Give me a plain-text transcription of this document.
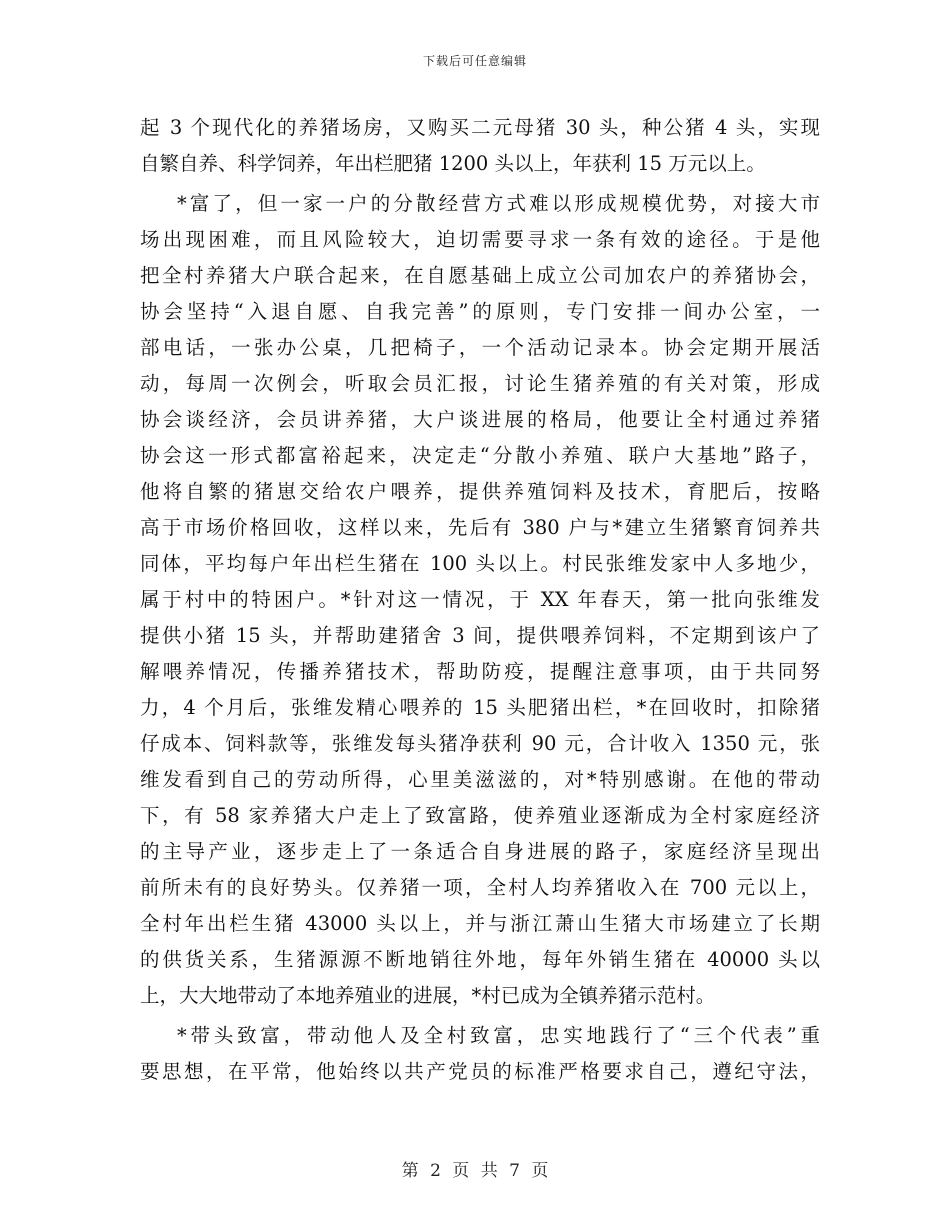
下载后可任意编辑
起 3 个现代化的养猪场房，又购买二元母猪 30 头，种公猪 4 头，实现
自繁自养、科学饲养，年出栏肥猪 1200 头以上，年获利 15 万元以上。
*富了，但一家一户的分散经营方式难以形成规模优势，对接大市
场出现困难，而且风险较大，迫切需要寻求一条有效的途径。于是他
把全村养猪大户联合起来，在自愿基础上成立公司加农户的养猪协会，
协会坚持“入退自愿、自我完善”的原则，专门安排一间办公室，一
部电话，一张办公桌，几把椅子，一个活动记录本。协会定期开展活
动，每周一次例会，听取会员汇报，讨论生猪养殖的有关对策，形成
协会谈经济，会员讲养猪，大户谈进展的格局，他要让全村通过养猪
协会这一形式都富裕起来，决定走“分散小养殖、联户大基地”路子，
他将自繁的猪崽交给农户喂养，提供养殖饲料及技术，育肥后，按略
高于市场价格回收，这样以来，先后有 380 户与*建立生猪繁育饲养共
同体，平均每户年出栏生猪在 100 头以上。村民张维发家中人多地少，
属于村中的特困户。*针对这一情况，于 XX 年春天，第一批向张维发
提供小猪 15 头，并帮助建猪舍 3 间，提供喂养饲料，不定期到该户了
解喂养情况，传播养猪技术，帮助防疫，提醒注意事项，由于共同努
力，4 个月后，张维发精心喂养的 15 头肥猪出栏，*在回收时，扣除猪
仔成本、饲料款等，张维发每头猪净获利 90 元，合计收入 1350 元，张
维发看到自己的劳动所得，心里美滋滋的，对*特别感谢。在他的带动
下，有 58 家养猪大户走上了致富路，使养殖业逐渐成为全村家庭经济
的主导产业，逐步走上了一条适合自身进展的路子，家庭经济呈现出
前所未有的良好势头。仅养猪一项，全村人均养猪收入在 700 元以上，
全村年出栏生猪 43000 头以上，并与浙江萧山生猪大市场建立了长期
的供货关系，生猪源源不断地销往外地，每年外销生猪在 40000 头以
上，大大地带动了本地养殖业的进展，*村已成为全镇养猪示范村。
*带头致富，带动他人及全村致富，忠实地践行了“三个代表”重
要思想，在平常，他始终以共产党员的标准严格要求自己，遵纪守法，
第 2 页 共 7 页
